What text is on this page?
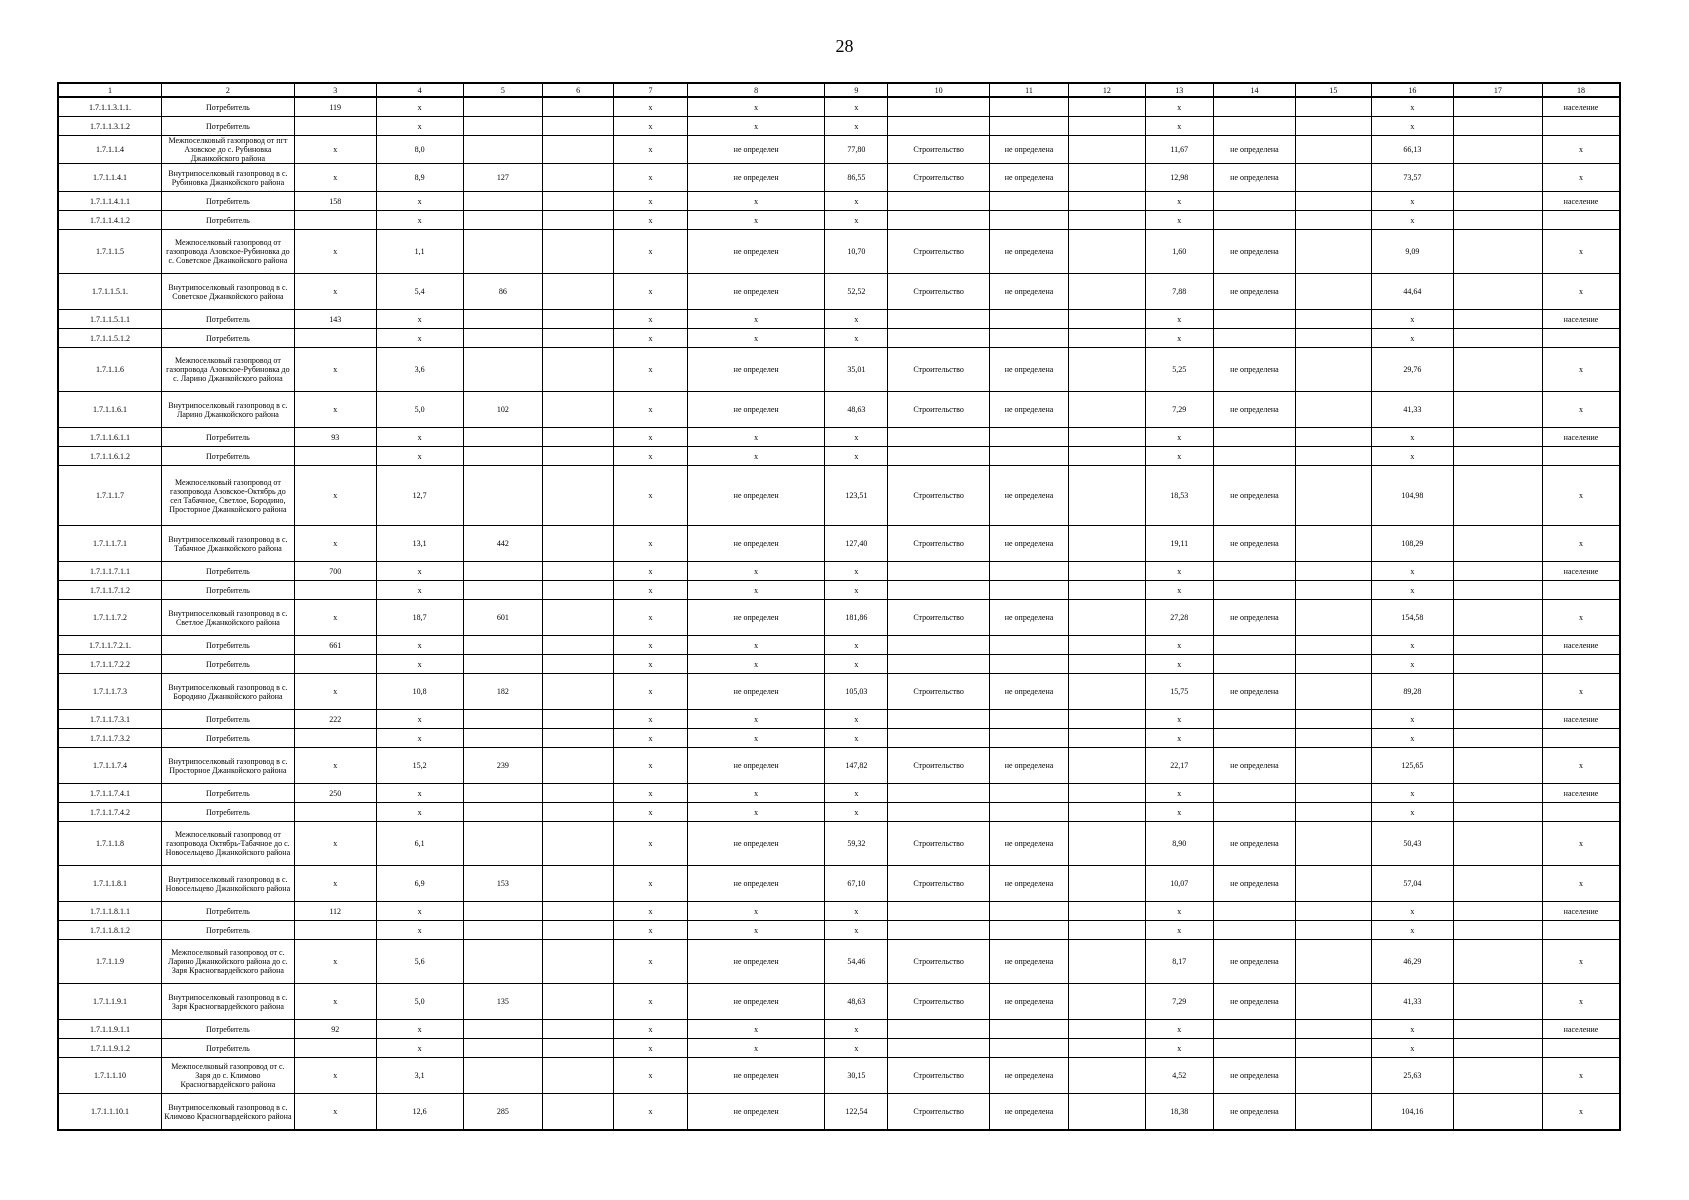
28
1	2	3	4	5	6	7	8	9	10	11	12	13	14	15	16	17	18
1.7.1.1.3.1.1.	Потребитель	119	x			x	x	x				x			x		население
1.7.1.1.3.1.2	Потребитель		x			x	x	x				x			x		
1.7.1.1.4	Межпоселковый газопровод от пгт Азовское до с. Рубиновка Джанкойского района	x	8,0			x	не определен	77,80	Строительство	не определена		11,67	не определена		66,13		x
1.7.1.1.4.1	Внутрипоселковый газопровод в с. Рубиновка Джанкойского района	x	8,9	127		x	не определен	86,55	Строительство	не определена		12,98	не определена		73,57		x
1.7.1.1.4.1.1	Потребитель	158	x			x	x	x				x			x		население
1.7.1.1.4.1.2	Потребитель		x			x	x	x				x			x		
1.7.1.1.5	Межпоселковый газопровод от газопровода Азовское-Рубиновка до с. Советское Джанкойского района	x	1,1			x	не определен	10,70	Строительство	не определена		1,60	не определена		9,09		x
1.7.1.1.5.1.	Внутрипоселковый газопровод в с. Советское Джанкойского района	x	5,4	86		x	не определен	52,52	Строительство	не определена		7,88	не определена		44,64		x
1.7.1.1.5.1.1	Потребитель	143	x			x	x	x				x			x		население
1.7.1.1.5.1.2	Потребитель		x			x	x	x				x			x		
1.7.1.1.6	Межпоселковый газопровод от газопровода Азовское-Рубиновка до с. Ларино Джанкойского района	x	3,6			x	не определен	35,01	Строительство	не определена		5,25	не определена		29,76		x
1.7.1.1.6.1	Внутрипоселковый газопровод в с. Ларино Джанкойского района	x	5,0	102		x	не определен	48,63	Строительство	не определена		7,29	не определена		41,33		x
1.7.1.1.6.1.1	Потребитель	93	x			x	x	x				x			x		население
1.7.1.1.6.1.2	Потребитель		x			x	x	x				x			x		
1.7.1.1.7	Межпоселковый газопровод от газопровода Азовское-Октябрь до сел Табачное, Светлое, Бородино, Просторное Джанкойского района	x	12,7			x	не определен	123,51	Строительство	не определена		18,53	не определена		104,98		x
1.7.1.1.7.1	Внутрипоселковый газопровод в с. Табачное Джанкойского района	x	13,1	442		x	не определен	127,40	Строительство	не определена		19,11	не определена		108,29		x
1.7.1.1.7.1.1	Потребитель	700	x			x	x	x				x			x		население
1.7.1.1.7.1.2	Потребитель		x			x	x	x				x			x		
1.7.1.1.7.2	Внутрипоселковый газопровод в с. Светлое Джанкойского района	x	18,7	601		x	не определен	181,86	Строительство	не определена		27,28	не определена		154,58		x
1.7.1.1.7.2.1.	Потребитель	661	x			x	x	x				x			x		население
1.7.1.1.7.2.2	Потребитель		x			x	x	x				x			x		
1.7.1.1.7.3	Внутрипоселковый газопровод в с. Бородино Джанкойского района	x	10,8	182		x	не определен	105,03	Строительство	не определена		15,75	не определена		89,28		x
1.7.1.1.7.3.1	Потребитель	222	x			x	x	x				x			x		население
1.7.1.1.7.3.2	Потребитель		x			x	x	x				x			x		
1.7.1.1.7.4	Внутрипоселковый газопровод в с. Просторное Джанкойского района	x	15,2	239		x	не определен	147,82	Строительство	не определена		22,17	не определена		125,65		x
1.7.1.1.7.4.1	Потребитель	250	x			x	x	x				x			x		население
1.7.1.1.7.4.2	Потребитель		x			x	x	x				x			x		
1.7.1.1.8	Межпоселковый газопровод от газопровода Октябрь-Табачное до с. Новосельцево Джанкойского района	x	6,1			x	не определен	59,32	Строительство	не определена		8,90	не определена		50,43		x
1.7.1.1.8.1	Внутрипоселковый газопровод в с. Новосельцево Джанкойского района	x	6,9	153		x	не определен	67,10	Строительство	не определена		10,07	не определена		57,04		x
1.7.1.1.8.1.1	Потребитель	112	x			x	x	x				x			x		население
1.7.1.1.8.1.2	Потребитель		x			x	x	x				x			x		
1.7.1.1.9	Межпоселковый газопровод от с. Ларино Джанкойского района до с. Заря Красногвардейского района	x	5,6			x	не определен	54,46	Строительство	не определена		8,17	не определена		46,29		x
1.7.1.1.9.1	Внутрипоселковый газопровод в с. Заря Красногвардейского района	x	5,0	135		x	не определен	48,63	Строительство	не определена		7,29	не определена		41,33		x
1.7.1.1.9.1.1	Потребитель	92	x			x	x	x				x			x		население
1.7.1.1.9.1.2	Потребитель		x			x	x	x				x			x		
1.7.1.1.10	Межпоселковый газопровод от с. Заря до с. Климово Красногвардейского района	x	3,1			x	не определен	30,15	Строительство	не определена		4,52	не определена		25,63		x
1.7.1.1.10.1	Внутрипоселковый газопровод в с. Климово Красногвардейского района	x	12,6	285		x	не определен	122,54	Строительство	не определена		18,38	не определена		104,16		x
